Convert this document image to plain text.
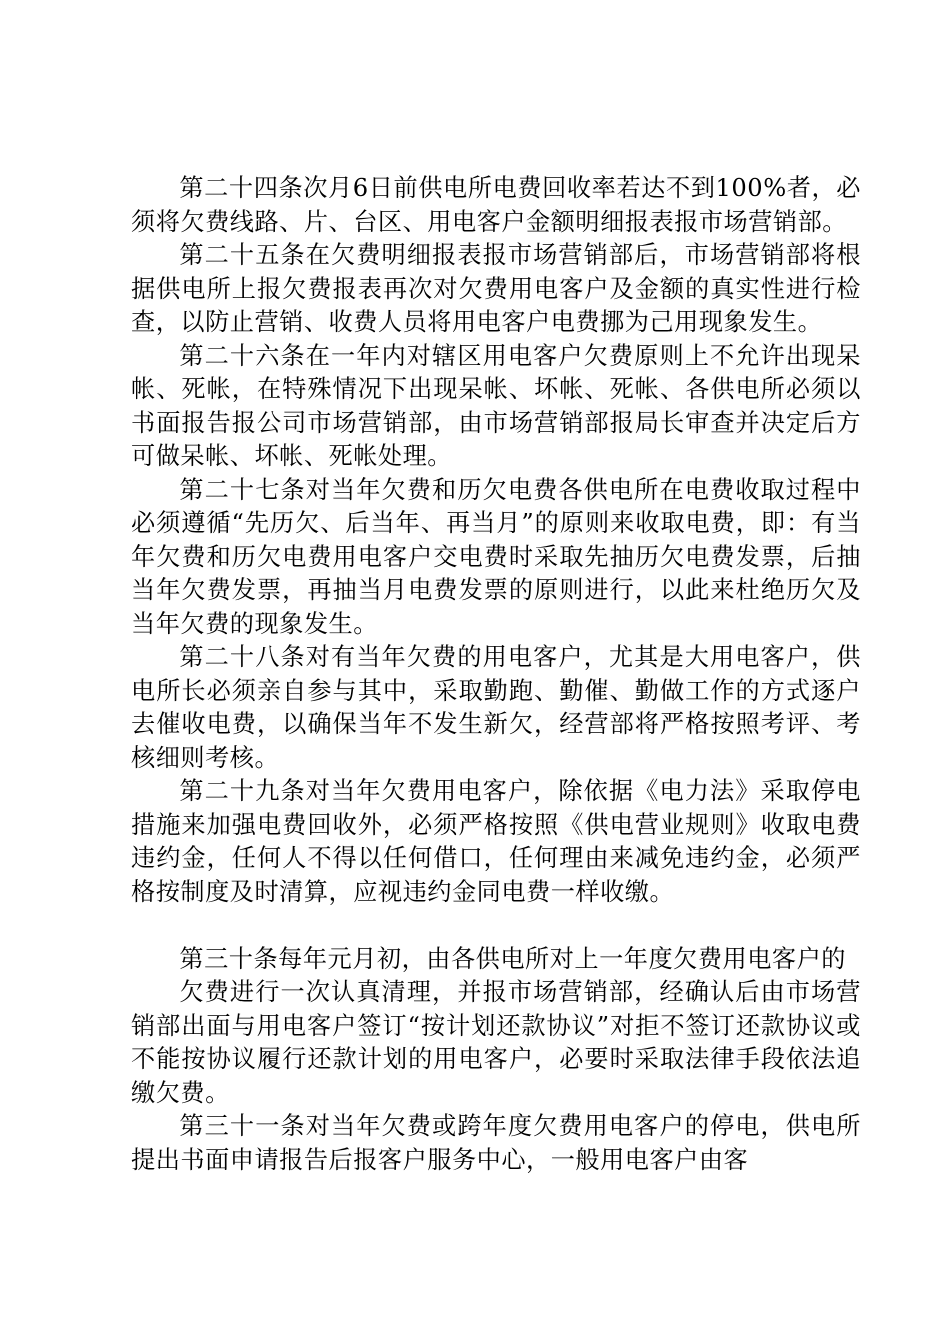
第二十四条次月6日前供电所电费回收率若达不到100%者，必须将欠费线路、片、台区、用电客户金额明细报表报市场营销部。

第二十五条在欠费明细报表报市场营销部后，市场营销部将根据供电所上报欠费报表再次对欠费用电客户及金额的真实性进行检查，以防止营销、收费人员将用电客户电费挪为己用现象发生。

第二十六条在一年内对辖区用电客户欠费原则上不允许出现呆帐、死帐，在特殊情况下出现呆帐、坏帐、死帐、各供电所必须以书面报告报公司市场营销部，由市场营销部报局长审查并决定后方可做呆帐、坏帐、死帐处理。

第二十七条对当年欠费和历欠电费各供电所在电费收取过程中必须遵循“先历欠、后当年、再当月”的原则来收取电费，即：有当年欠费和历欠电费用电客户交电费时采取先抽历欠电费发票，后抽当年欠费发票，再抽当月电费发票的原则进行，以此来杜绝历欠及当年欠费的现象发生。

第二十八条对有当年欠费的用电客户，尤其是大用电客户，供电所长必须亲自参与其中，采取勤跑、勤催、勤做工作的方式逐户去催收电费，以确保当年不发生新欠，经营部将严格按照考评、考核细则考核。

第二十九条对当年欠费用电客户，除依据《电力法》采取停电措施来加强电费回收外，必须严格按照《供电营业规则》收取电费违约金，任何人不得以任何借口，任何理由来减免违约金，必须严格按制度及时清算，应视违约金同电费一样收缴。

第三十条每年元月初，由各供电所对上一年度欠费用电客户的

欠费进行一次认真清理，并报市场营销部，经确认后由市场营销部出面与用电客户签订“按计划还款协议”对拒不签订还款协议或不能按协议履行还款计划的用电客户，必要时采取法律手段依法追缴欠费。

第三十一条对当年欠费或跨年度欠费用电客户的停电，供电所提出书面申请报告后报客户服务中心，一般用电客户由客
